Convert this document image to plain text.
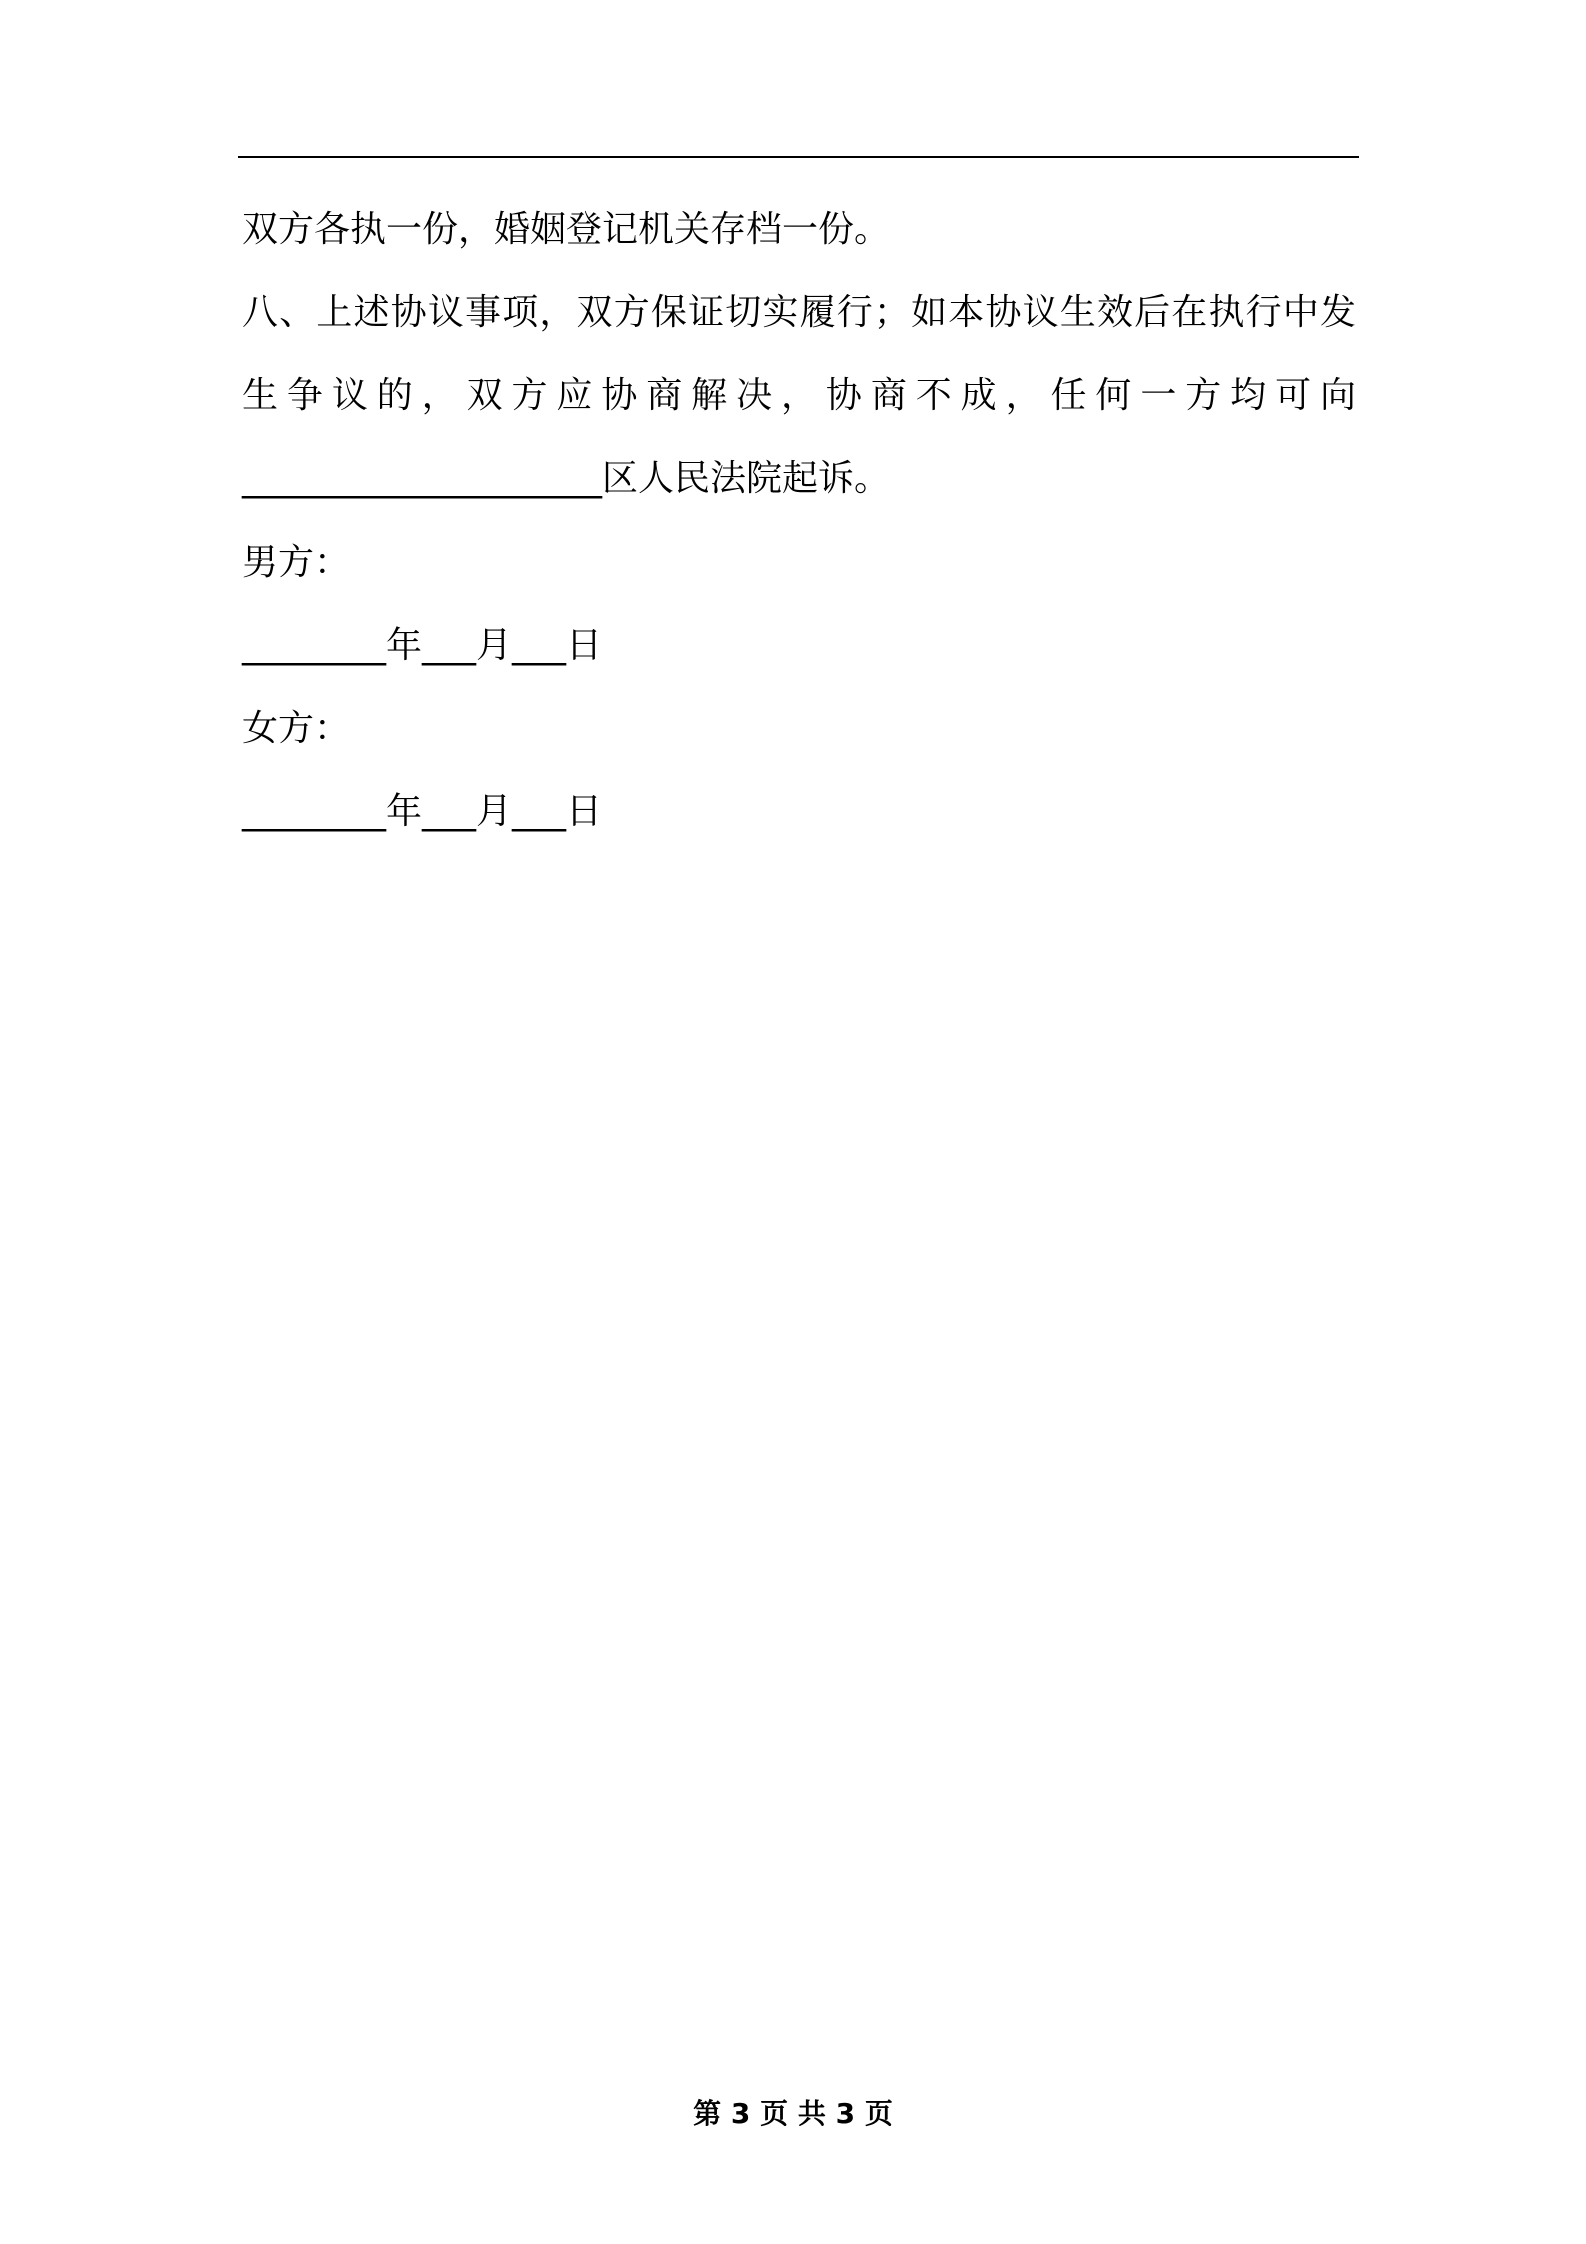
双方各执一份，婚姻登记机关存档一份。
八、上述协议事项，双方保证切实履行；如本协议生效后在执行中发
生争议的，双方应协商解决，协商不成，任何一方均可向
____________________区人民法院起诉。
男方：
________年___月___日
女方：
________年___月___日
第 3 页 共 3 页
